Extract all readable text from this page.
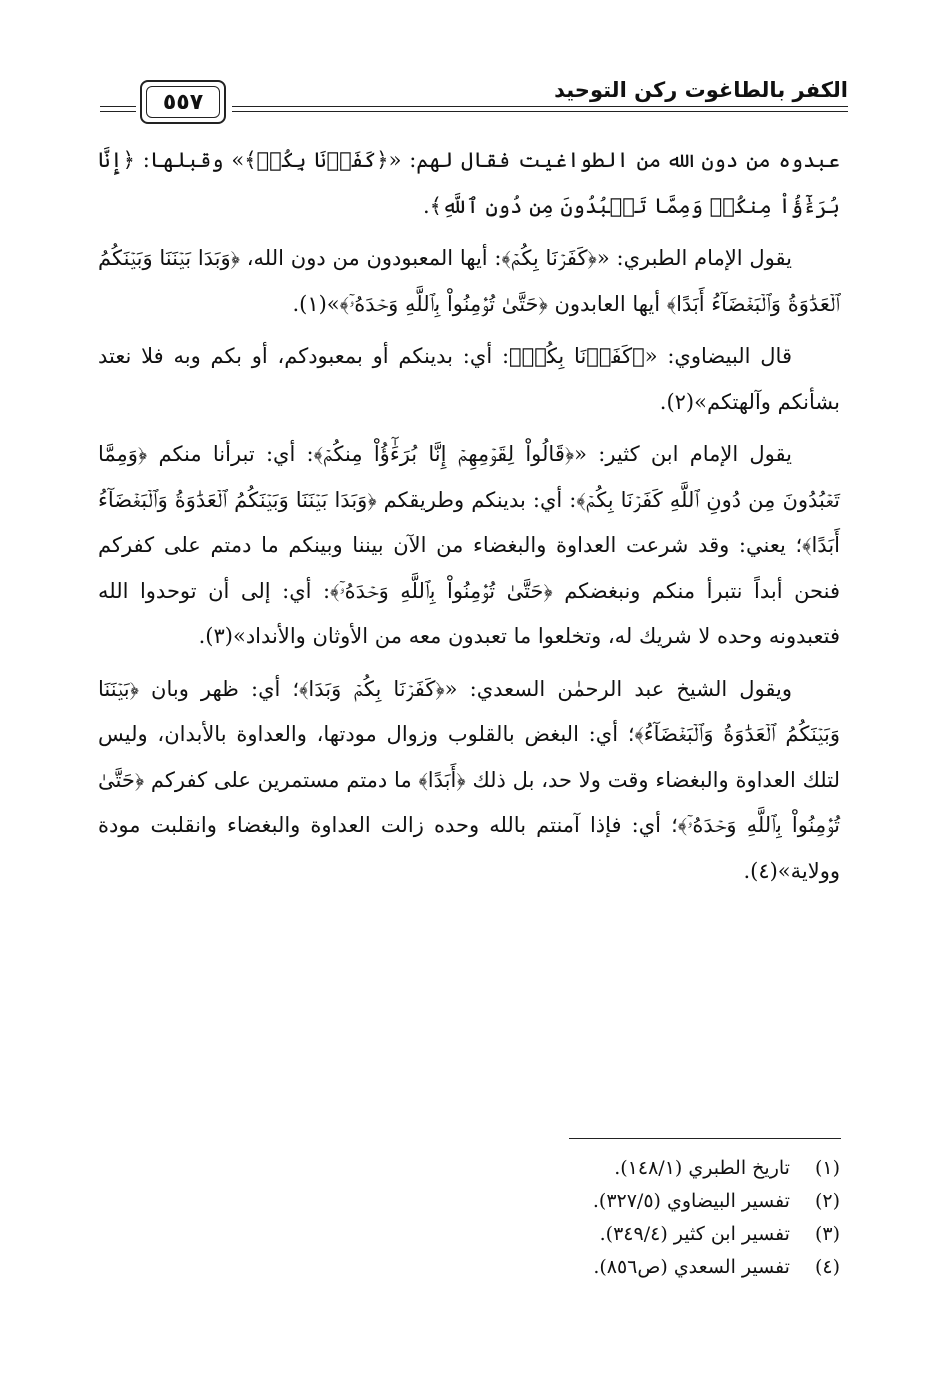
الكفر بالطاغوت ركن التوحيد
٥٥٧

عبدوه من دون الله من الطواغيت فقال لهم: «﴿كَفَرۡنَا بِكُمۡ﴾» وقبلها: ﴿إِنَّا بُرَءَٰٓؤُاْ مِنكُمۡ وَمِمَّا تَعۡبُدُونَ مِن دُونِ ٱللَّهِ﴾.

يقول الإمام الطبري: «﴿كَفَرۡنَا بِكُمۡ﴾: أيها المعبودون من دون الله، ﴿وَبَدَا بَيۡنَنَا وَبَيۡنَكُمُ ٱلۡعَدَٰوَةُ وَٱلۡبَغۡضَآءُ أَبَدًا﴾ أيها العابدون ﴿حَتَّىٰ تُؤۡمِنُواْ بِٱللَّهِ وَحۡدَهُۥٓ﴾»(١).

قال البيضاوي: «﴿كَفَرۡنَا بِكُمۡ﴾: أي: بدينكم أو بمعبودكم، أو بكم وبه فلا نعتد بشأنكم وآلهتكم»(٢).

يقول الإمام ابن كثير: «﴿قَالُواْ لِقَوۡمِهِمۡ إِنَّا بُرَءَٰٓؤُاْ مِنكُمۡ﴾: أي: تبرأنا منكم ﴿وَمِمَّا تَعۡبُدُونَ مِن دُونِ ٱللَّهِ كَفَرۡنَا بِكُمۡ﴾: أي: بدينكم وطريقكم ﴿وَبَدَا بَيۡنَنَا وَبَيۡنَكُمُ ٱلۡعَدَٰوَةُ وَٱلۡبَغۡضَآءُ أَبَدًا﴾؛ يعني: وقد شرعت العداوة والبغضاء من الآن بيننا وبينكم ما دمتم على كفركم فنحن أبداً نتبرأ منكم ونبغضكم ﴿حَتَّىٰ تُؤۡمِنُواْ بِٱللَّهِ وَحۡدَهُۥٓ﴾: أي: إلى أن توحدوا الله فتعبدونه وحده لا شريك له، وتخلعوا ما تعبدون معه من الأوثان والأنداد»(٣).

ويقول الشيخ عبد الرحمٰن السعدي: «﴿كَفَرۡنَا بِكُمۡ وَبَدَا﴾؛ أي: ظهر وبان ﴿بَيۡنَنَا وَبَيۡنَكُمُ ٱلۡعَدَٰوَةُ وَٱلۡبَغۡضَآءُ﴾؛ أي: البغض بالقلوب وزوال مودتها، والعداوة بالأبدان، وليس لتلك العداوة والبغضاء وقت ولا حد، بل ذلك ﴿أَبَدًا﴾ ما دمتم مستمرين على كفركم ﴿حَتَّىٰ تُؤۡمِنُواْ بِٱللَّهِ وَحۡدَهُۥٓ﴾؛ أي: فإذا آمنتم بالله وحده زالت العداوة والبغضاء وانقلبت مودة وولاية»(٤).

(١) تاريخ الطبري (١٤٨/١).
(٢) تفسير البيضاوي (٣٢٧/٥).
(٣) تفسير ابن كثير (٣٤٩/٤).
(٤) تفسير السعدي (ص٨٥٦).
